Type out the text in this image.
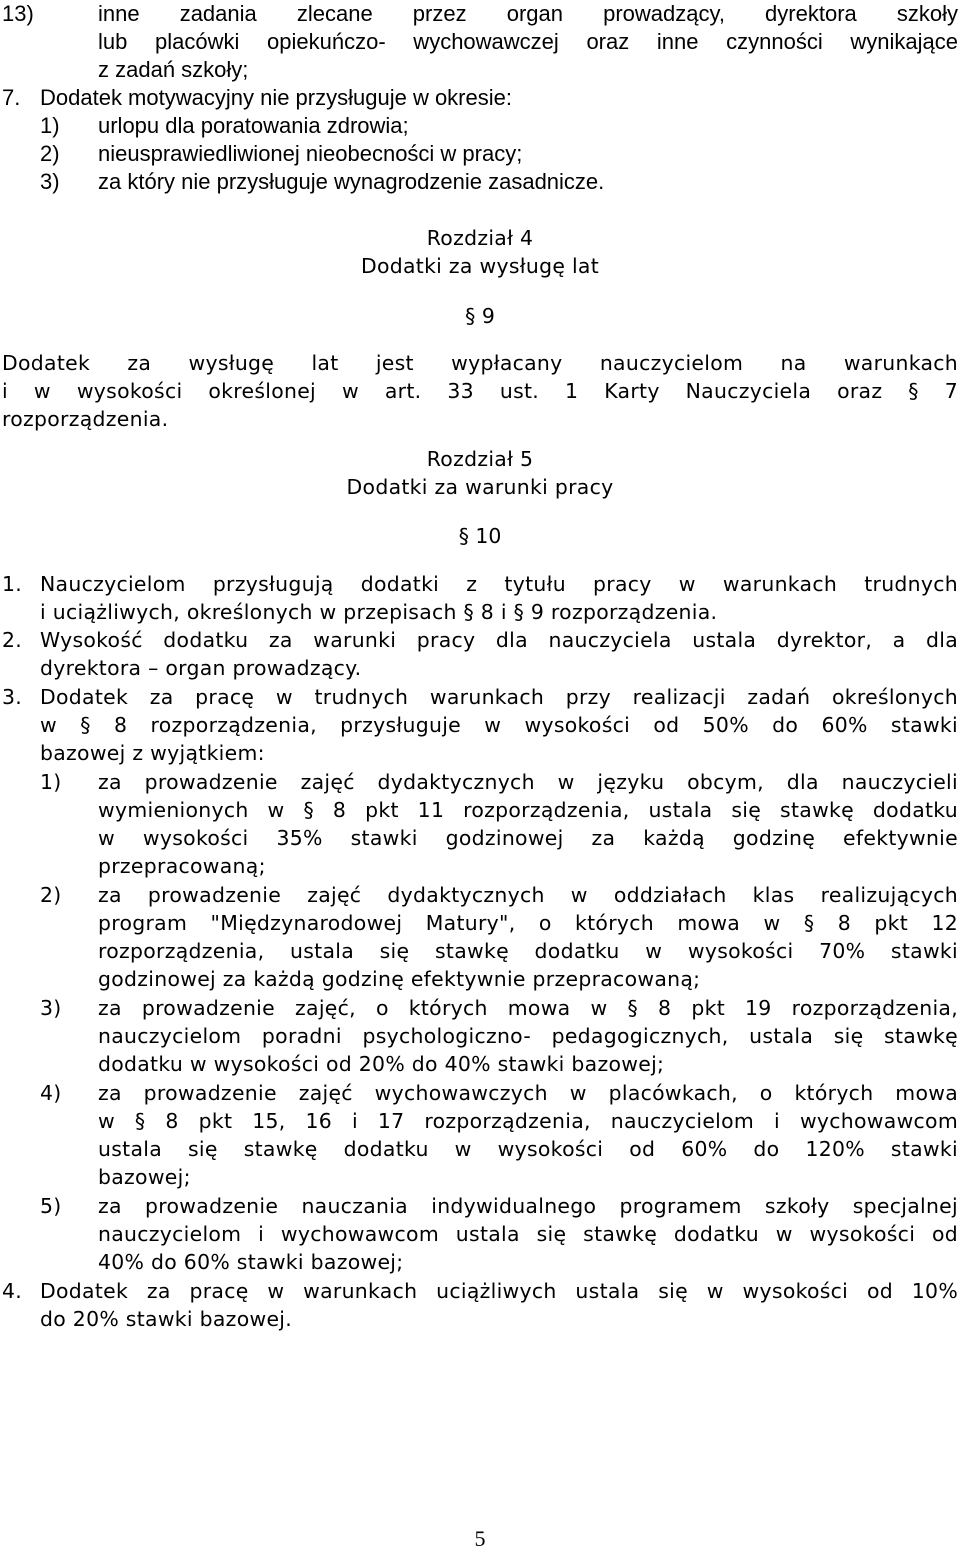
13)	inne zadania zlecane przez organ prowadzący, dyrektora szkoły
lub placówki opiekuńczo- wychowawczej oraz inne czynności wynikające
z zadań szkoły;
7. Dodatek motywacyjny nie przysługuje w okresie:
1) urlopu dla poratowania zdrowia;
2) nieusprawiedliwionej nieobecności w pracy;
3) za który nie przysługuje wynagrodzenie zasadnicze.
Rozdział 4
Dodatki za wysługę lat
§ 9
Dodatek za wysługę lat jest wypłacany nauczycielom na warunkach
i w wysokości określonej w art. 33 ust. 1 Karty Nauczyciela oraz § 7
rozporządzenia.
Rozdział 5
Dodatki za warunki pracy
§ 10
1. Nauczycielom przysługują dodatki z tytułu pracy w warunkach trudnych
i uciążliwych, określonych w przepisach § 8 i § 9 rozporządzenia.
2. Wysokość dodatku za warunki pracy dla nauczyciela ustala dyrektor, a dla
dyrektora – organ prowadzący.
3. Dodatek za pracę w trudnych warunkach przy realizacji zadań określonych
w § 8 rozporządzenia, przysługuje w wysokości od 50% do 60% stawki
bazowej z wyjątkiem:
1) za prowadzenie zajęć dydaktycznych w języku obcym, dla nauczycieli
wymienionych w § 8 pkt 11 rozporządzenia, ustala się stawkę dodatku
w wysokości 35% stawki godzinowej za każdą godzinę efektywnie
przepracowaną;
2) za prowadzenie zajęć dydaktycznych w oddziałach klas realizujących
program "Międzynarodowej Matury", o których mowa w § 8 pkt 12
rozporządzenia, ustala się stawkę dodatku w wysokości 70% stawki
godzinowej za każdą godzinę efektywnie przepracowaną;
3) za prowadzenie zajęć, o których mowa w § 8 pkt 19 rozporządzenia,
nauczycielom poradni psychologiczno- pedagogicznych, ustala się stawkę
dodatku w wysokości od 20% do 40% stawki bazowej;
4) za prowadzenie zajęć wychowawczych w placówkach, o których mowa
w § 8 pkt 15, 16 i 17 rozporządzenia, nauczycielom i wychowawcom
ustala się stawkę dodatku w wysokości od 60% do 120% stawki
bazowej;
5) za prowadzenie nauczania indywidualnego programem szkoły specjalnej
nauczycielom i wychowawcom ustala się stawkę dodatku w wysokości od
40% do 60% stawki bazowej;
4. Dodatek za pracę w warunkach uciążliwych ustala się w wysokości od 10%
do 20% stawki bazowej.
5
